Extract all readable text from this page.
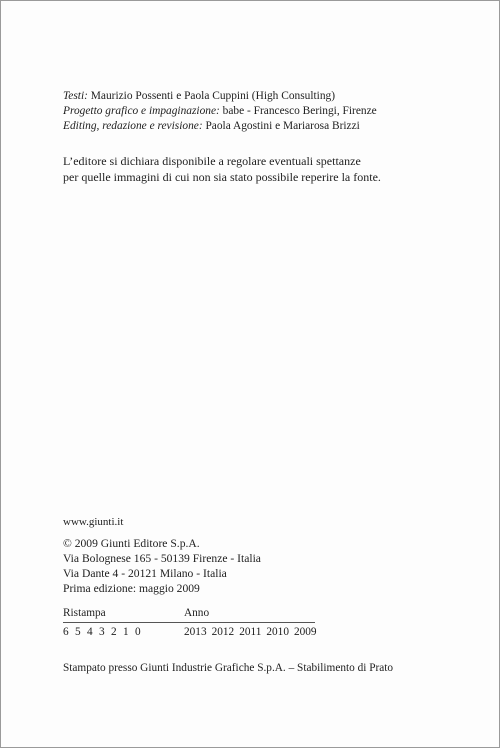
Testi: Maurizio Possenti e Paola Cuppini (High Consulting)
Progetto grafico e impaginazione: babe - Francesco Beringi, Firenze
Editing, redazione e revisione: Paola Agostini e Mariarosa Brizzi
L’editore si dichiara disponibile a regolare eventuali spettanze
per quelle immagini di cui non sia stato possibile reperire la fonte.
www.giunti.it
© 2009 Giunti Editore S.p.A.
Via Bolognese 165 - 50139 Firenze - Italia
Via Dante 4 - 20121 Milano - Italia
Prima edizione: maggio 2009
Ristampa	Anno
6 5 4 3 2 1 0	2013 2012 2011 2010 2009
Stampato presso Giunti Industrie Grafiche S.p.A. – Stabilimento di Prato
